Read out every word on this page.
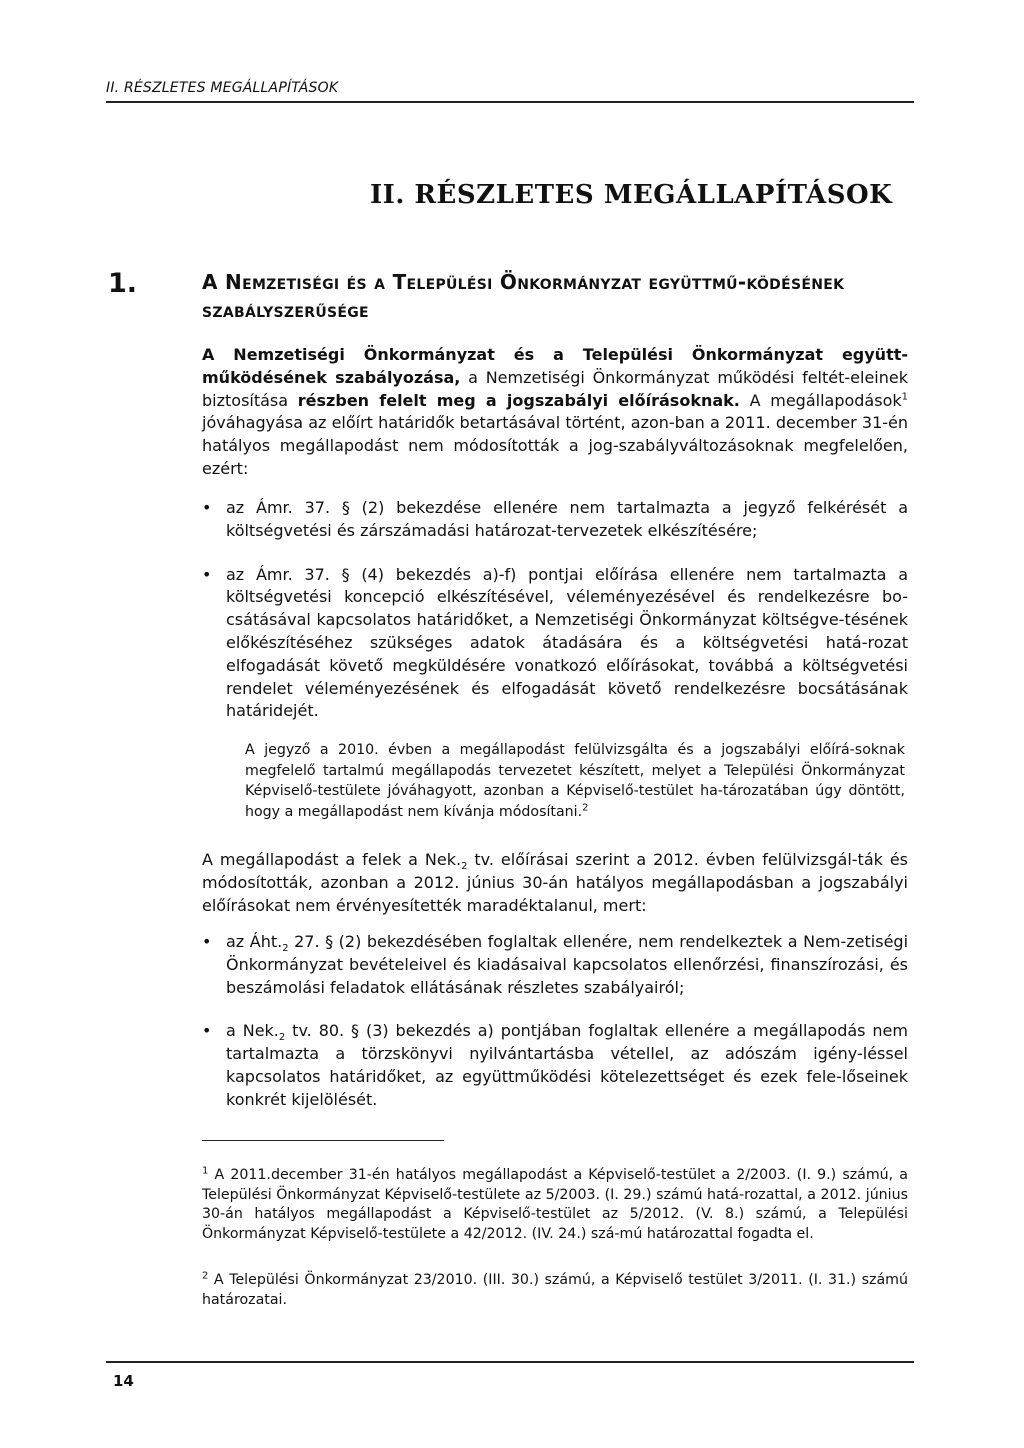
II. RÉSZLETES MEGÁLLAPÍTÁSOK
II. RÉSZLETES MEGÁLLAPÍTÁSOK
1.	A Nemzetiségi és a Települési Önkormányzat együttmű-ködésének szabályszerűsége
A Nemzetiségi Önkormányzat és a Települési Önkormányzat együtt-működésének szabályozása, a Nemzetiségi Önkormányzat működési feltét-eleinek biztosítása részben felelt meg a jogszabályi előírásoknak. A megállapodások$^1$ jóváhagyása az előírt határidők betartásával történt, azon-ban a 2011. december 31-én hatályos megállapodást nem módosították a jog-szabályváltozásoknak megfelelően, ezért:
• az Ámr. 37. § (2) bekezdése ellenére nem tartalmazta a jegyző felkérését a költségvetési és zárszámadási határozat-tervezetek elkészítésére;
• az Ámr. 37. § (4) bekezdés a)-f) pontjai előírása ellenére nem tartalmazta a költségvetési koncepció elkészítésével, véleményezésével és rendelkezésre bo-csátásával kapcsolatos határidőket, a Nemzetiségi Önkormányzat költségve-tésének előkészítéséhez szükséges adatok átadására és a költségvetési hatá-rozat elfogadását követő megküldésére vonatkozó előírásokat, továbbá a költségvetési rendelet véleményezésének és elfogadását követő rendelkezésre bocsátásának határidejét.
A jegyző a 2010. évben a megállapodást felülvizsgálta és a jogszabályi előírá-soknak megfelelő tartalmú megállapodás tervezetet készített, melyet a Települési Önkormányzat Képviselő-testülete jóváhagyott, azonban a Képviselő-testület ha-tározatában úgy döntött, hogy a megállapodást nem kívánja módosítani.$^2$
A megállapodást a felek a $Nek._2$ tv. előírásai szerint a 2012. évben felülvizsgál-ták és módosították, azonban a 2012. június 30-án hatályos megállapodásban a jogszabályi előírásokat nem érvényesítették maradéktalanul, mert:
• az $Áht._2$ 27. § (2) bekezdésében foglaltak ellenére, nem rendelkeztek a Nem-zetiségi Önkormányzat bevételeivel és kiadásaival kapcsolatos ellenőrzési, finanszírozási, és beszámolási feladatok ellátásának részletes szabályairól;
• a $Nek._2$ tv. 80. § (3) bekezdés a) pontjában foglaltak ellenére a megállapodás nem tartalmazta a törzskönyvi nyilvántartásba vétellel, az adószám igény-léssel kapcsolatos határidőket, az együttműködési kötelezettséget és ezek fele-lőseinek konkrét kijelölését.
$^1$ A 2011.december 31-én hatályos megállapodást a Képviselő-testület a 2/2003. (I. 9.) számú, a Települési Önkormányzat Képviselő-testülete az 5/2003. (I. 29.) számú hatá-rozattal, a 2012. június 30-án hatályos megállapodást a Képviselő-testület az 5/2012. (V. 8.) számú, a Települési Önkormányzat Képviselő-testülete a 42/2012. (IV. 24.) szá-mú határozattal fogadta el.
$^2$ A Települési Önkormányzat 23/2010. (III. 30.) számú, a Képviselő testület 3/2011. (I. 31.) számú határozatai.
14
